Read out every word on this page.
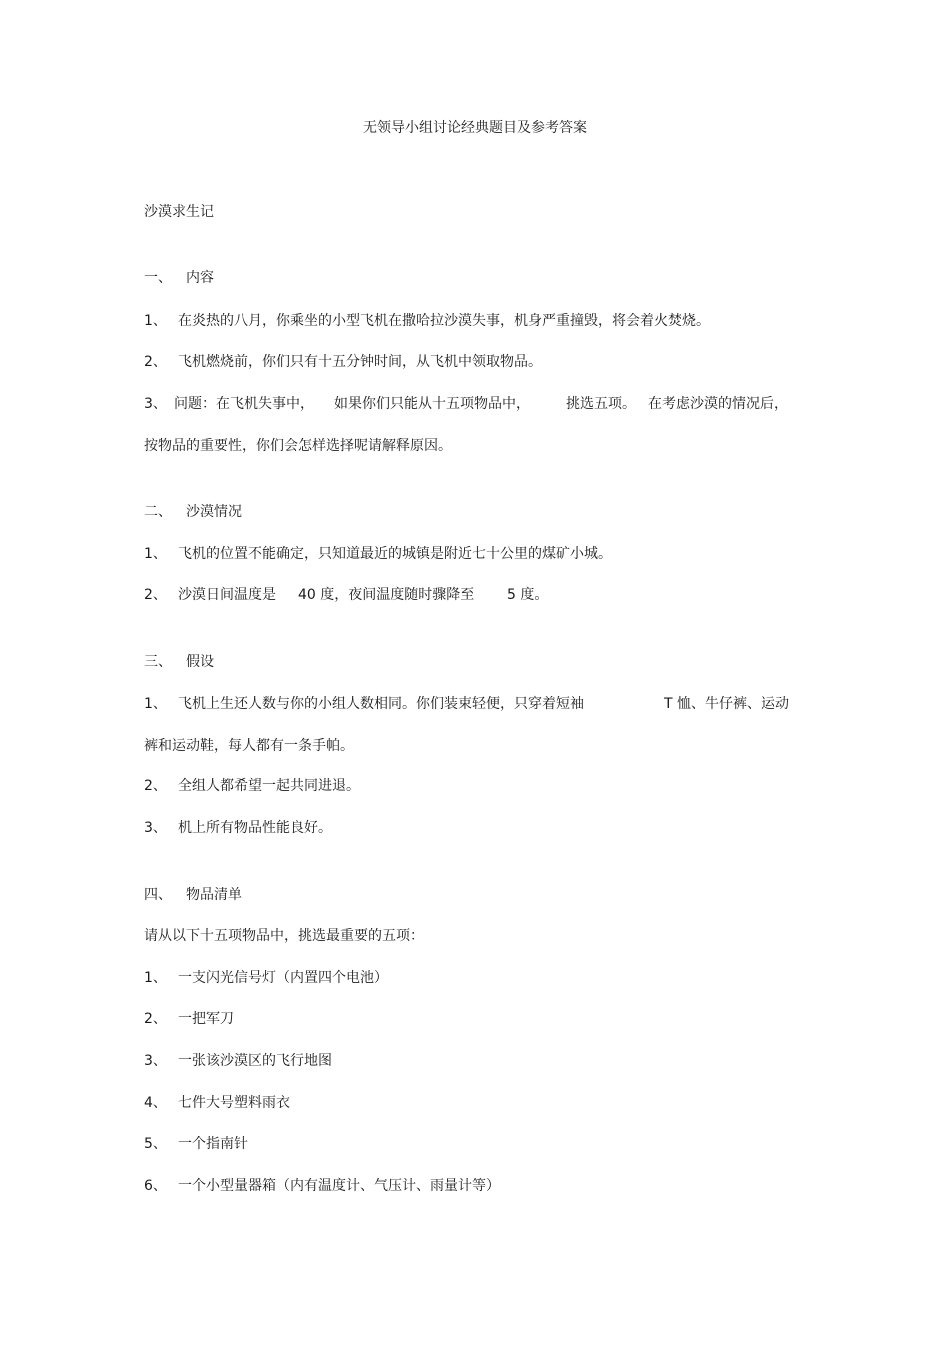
无领导小组讨论经典题目及参考答案
沙漠求生记
一、 内容
1、 在炎热的八月，你乘坐的小型飞机在撒哈拉沙漠失事，机身严重撞毁，将会着火焚烧。
2、 飞机燃烧前，你们只有十五分钟时间，从飞机中领取物品。
3、 问题：在飞机失事中， 如果你们只能从十五项物品中，	挑选五项。 在考虑沙漠的情况后，
按物品的重要性，你们会怎样选择呢请解释原因。
二、 沙漠情况
1、 飞机的位置不能确定，只知道最近的城镇是附近七十公里的煤矿小城。
2、 沙漠日间温度是 40 度，夜间温度随时骤降至 5 度。
三、 假设
1、 飞机上生还人数与你的小组人数相同。你们装束轻便，只穿着短袖	T 恤、牛仔裤、运动
裤和运动鞋，每人都有一条手帕。
2、 全组人都希望一起共同进退。
3、 机上所有物品性能良好。
四、 物品清单
请从以下十五项物品中，挑选最重要的五项：
1、 一支闪光信号灯（内置四个电池）
2、 一把军刀
3、 一张该沙漠区的飞行地图
4、 七件大号塑料雨衣
5、 一个指南针
6、 一个小型量器箱（内有温度计、气压计、雨量计等）
